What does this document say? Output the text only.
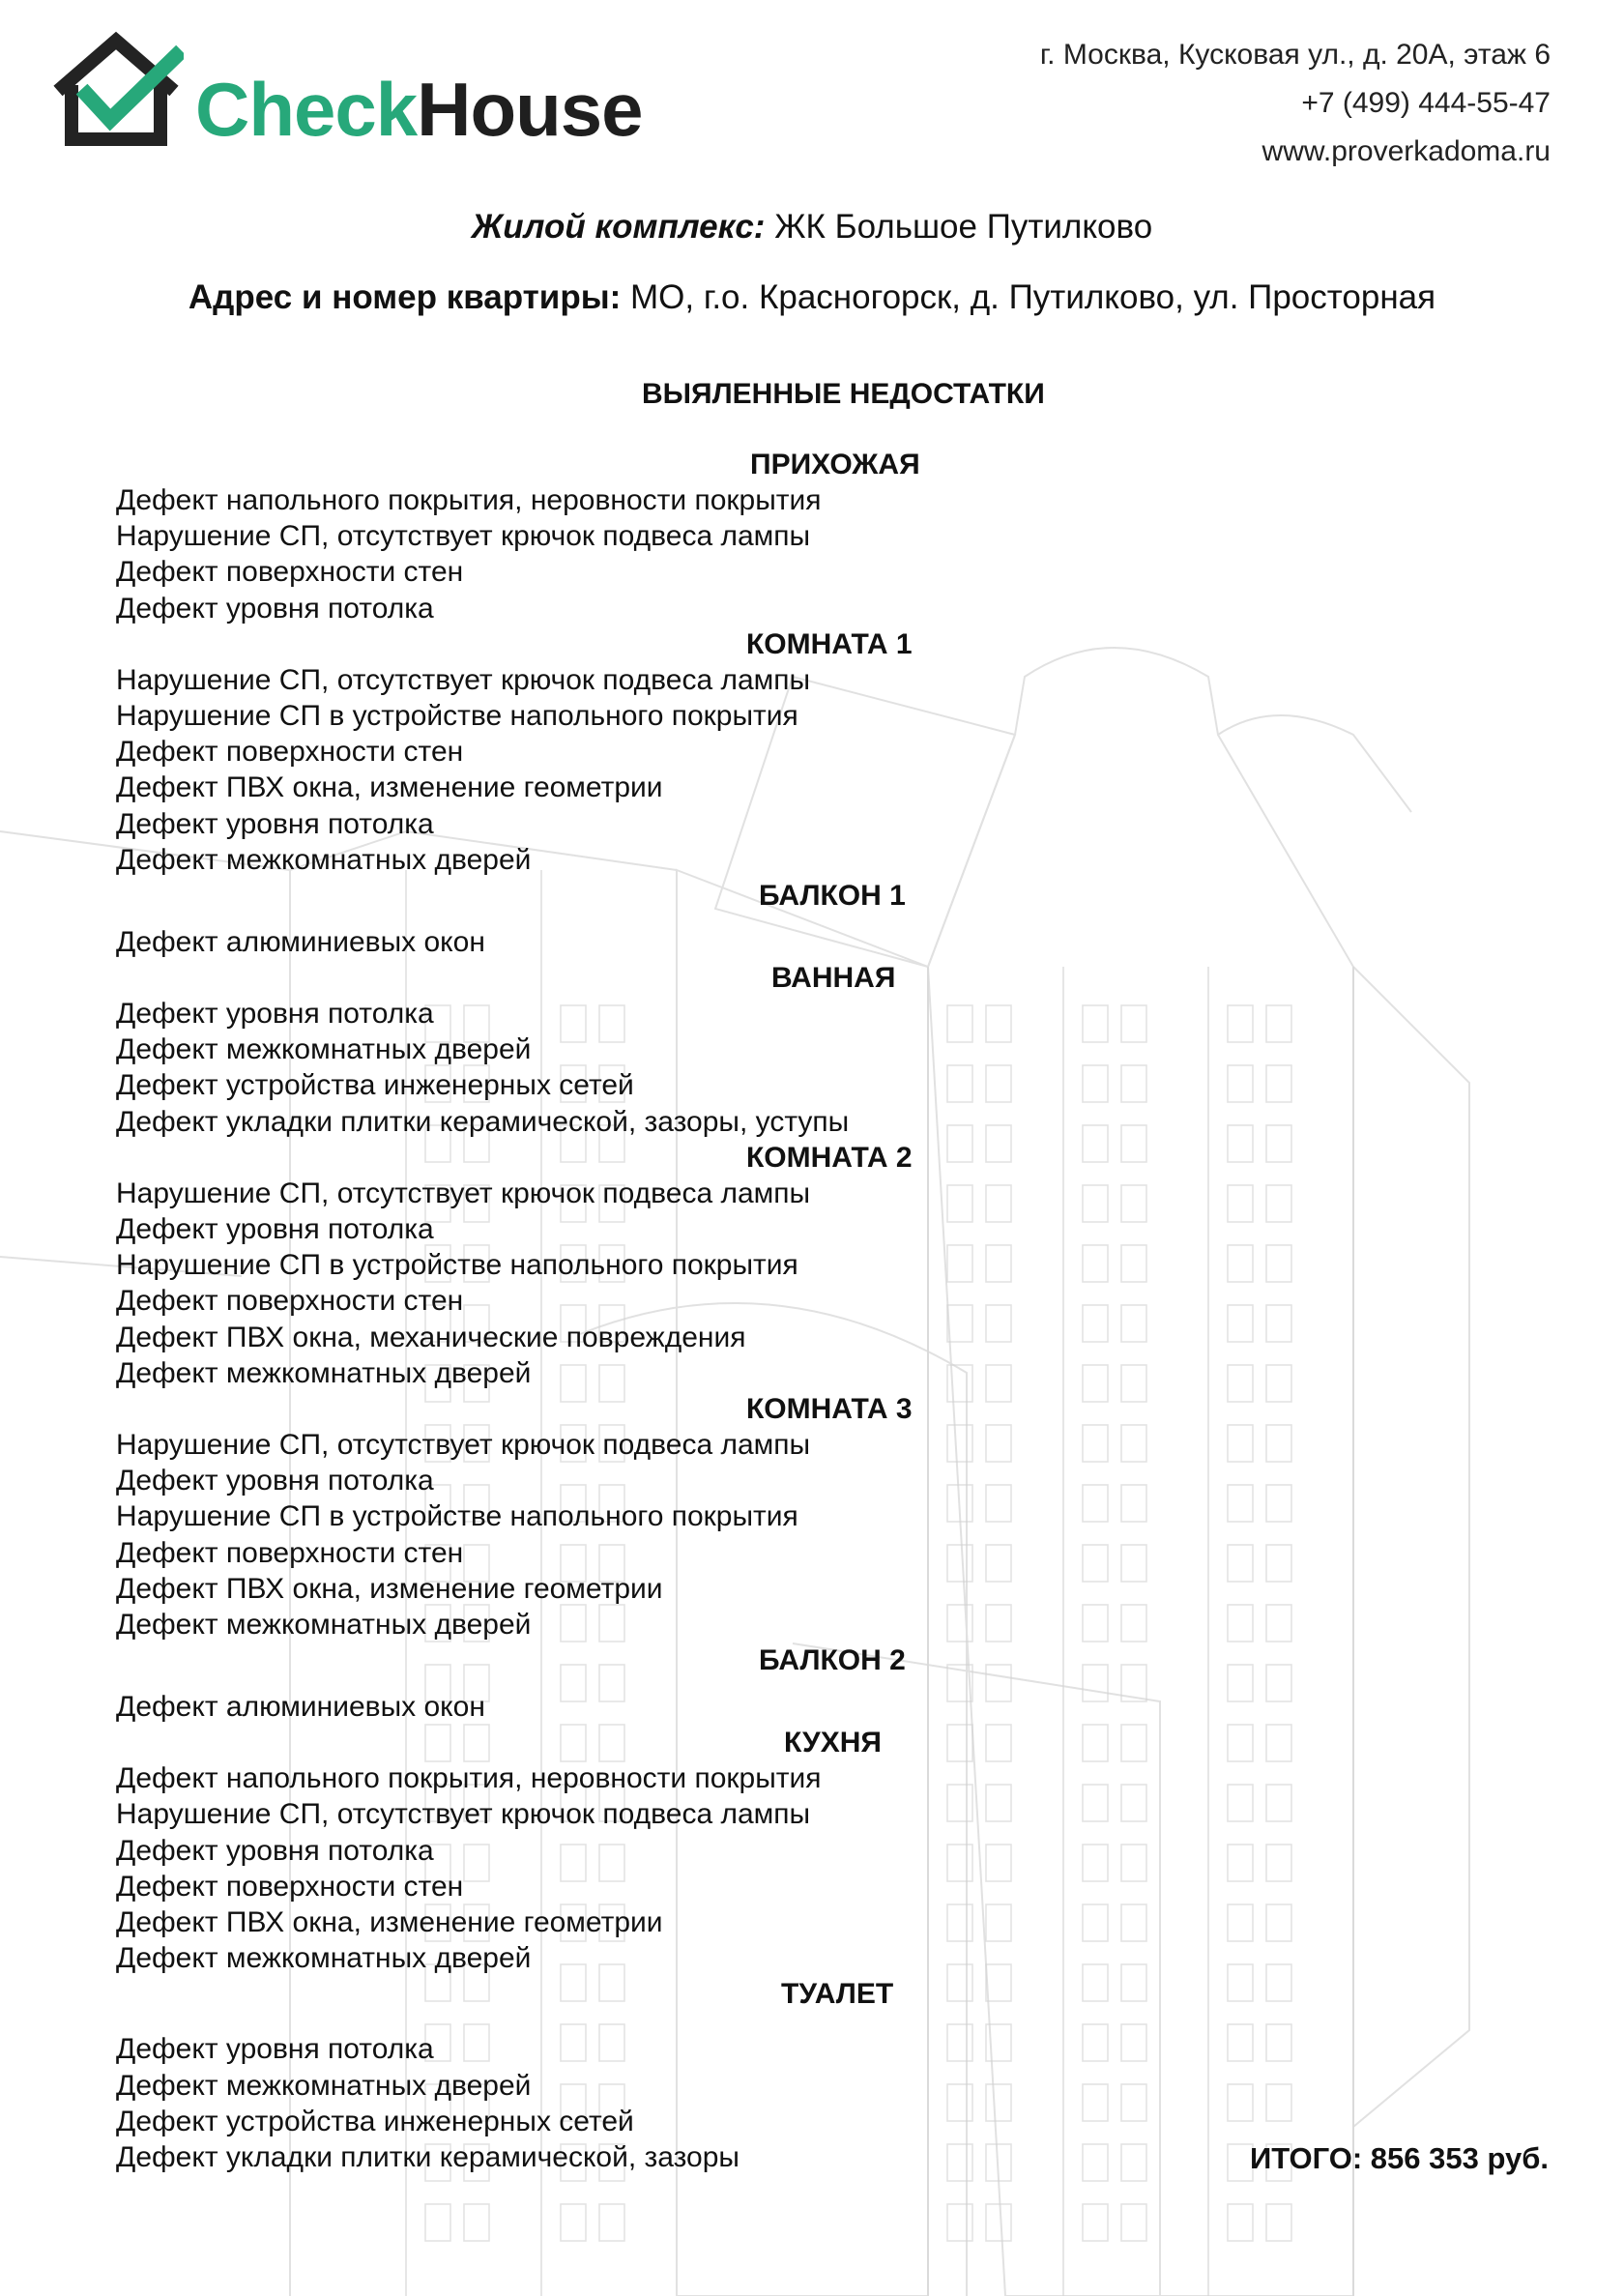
CheckHouse
г. Москва, Кусковая ул., д. 20А, этаж 6
+7 (499) 444-55-47
www.proverkadoma.ru
Жилой комплекс: ЖК Большое Путилково
Адрес и номер квартиры: МО, г.о. Красногорск, д. Путилково, ул. Просторная
ВЫЯЛЕННЫЕ НЕДОСТАТКИ
ПРИХОЖАЯ
Дефект напольного покрытия, неровности покрытия
Нарушение СП, отсутствует крючок подвеса лампы
Дефект поверхности стен
Дефект уровня потолка
КОМНАТА 1
Нарушение СП, отсутствует крючок подвеса лампы
Нарушение СП в устройстве напольного покрытия
Дефект поверхности стен
Дефект ПВХ окна, изменение геометрии
Дефект уровня потолка
Дефект межкомнатных дверей
БАЛКОН 1
Дефект алюминиевых окон
ВАННАЯ
Дефект уровня потолка
Дефект межкомнатных дверей
Дефект устройства инженерных сетей
Дефект укладки плитки керамической, зазоры, уступы
КОМНАТА 2
Нарушение СП, отсутствует крючок подвеса лампы
Дефект уровня потолка
Нарушение СП в устройстве напольного покрытия
Дефект поверхности стен
Дефект ПВХ окна, механические повреждения
Дефект межкомнатных дверей
КОМНАТА 3
Нарушение СП, отсутствует крючок подвеса лампы
Дефект уровня потолка
Нарушение СП в устройстве напольного покрытия
Дефект поверхности стен
Дефект ПВХ окна, изменение геометрии
Дефект межкомнатных дверей
БАЛКОН 2
Дефект алюминиевых окон
КУХНЯ
Дефект напольного покрытия, неровности покрытия
Нарушение СП, отсутствует крючок подвеса лампы
Дефект уровня потолка
Дефект поверхности стен
Дефект ПВХ окна, изменение геометрии
Дефект межкомнатных дверей
ТУАЛЕТ
Дефект уровня потолка
Дефект межкомнатных дверей
Дефект устройства инженерных сетей
Дефект укладки плитки керамической, зазоры	ИТОГО: 856 353 руб.
